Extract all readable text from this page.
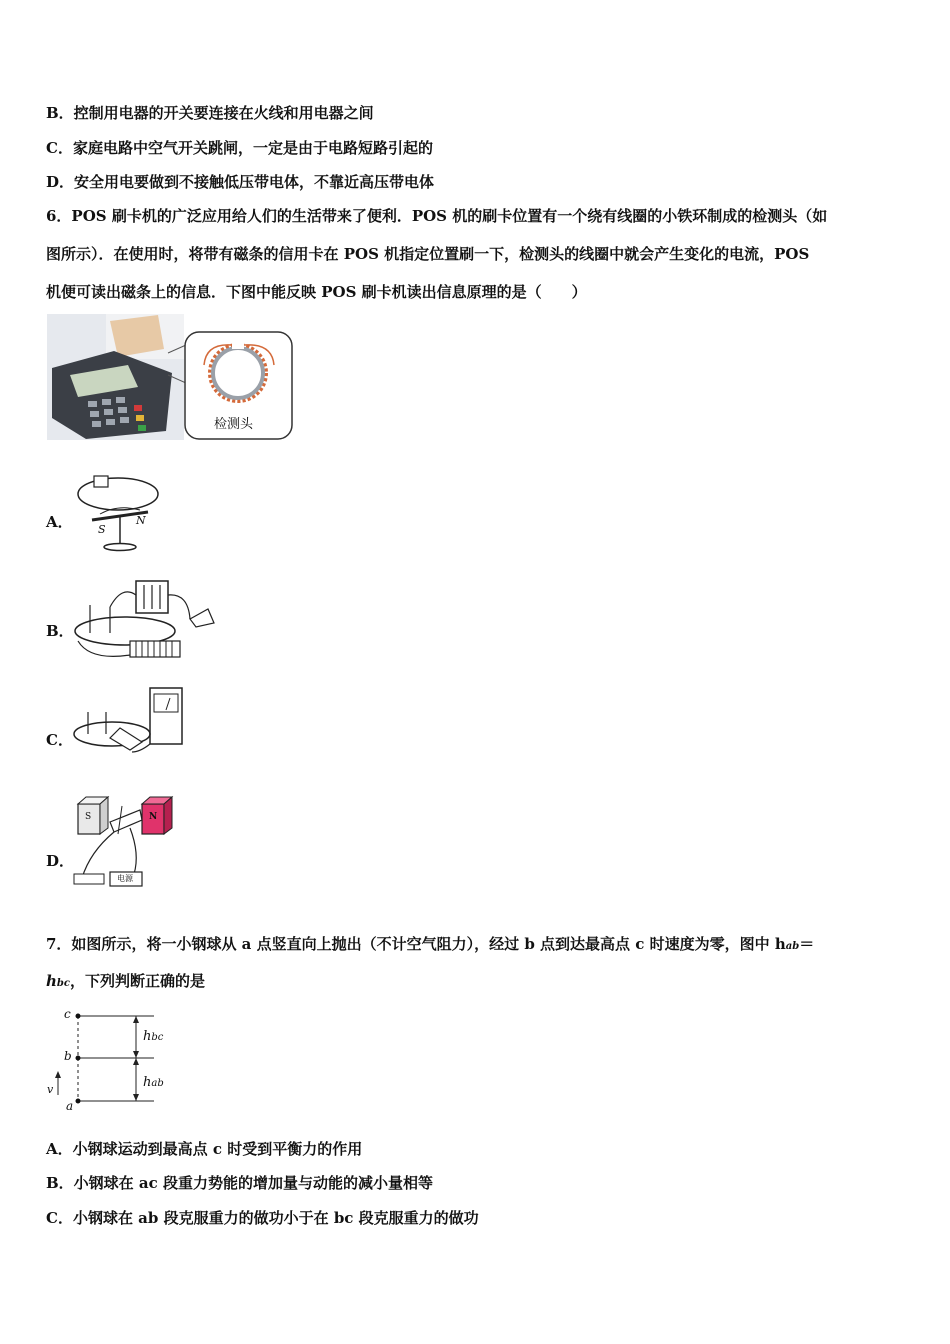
B．控制用电器的开关要连接在火线和用电器之间
C．家庭电路中空气开关跳闸，一定是由于电路短路引起的
D．安全用电要做到不接触低压带电体，不靠近高压带电体
6．POS 刷卡机的广泛应用给人们的生活带来了便利．POS 机的刷卡位置有一个绕有线圈的小铁环制成的检测头（如
图所示）．在使用时，将带有磁条的信用卡在 POS 机指定位置刷一下，检测头的线圈中就会产生变化的电流，POS
机便可读出磁条上的信息．下图中能反映 POS 刷卡机读出信息原理的是（　　）
检测头
A． S
N
B．
C．
D．
S	N
电源
7．如图所示，将一小钢球从 a 点竖直向上抛出（不计空气阻力），经过 b 点到达最高点 c 时速度为零，图中 hab＝
hbc，下列判断正确的是
c
b
a
v
hbc
hab
A．小钢球运动到最高点 c 时受到平衡力的作用
B．小钢球在 ac 段重力势能的增加量与动能的减小量相等
C．小钢球在 ab 段克服重力的做功小于在 bc 段克服重力的做功
